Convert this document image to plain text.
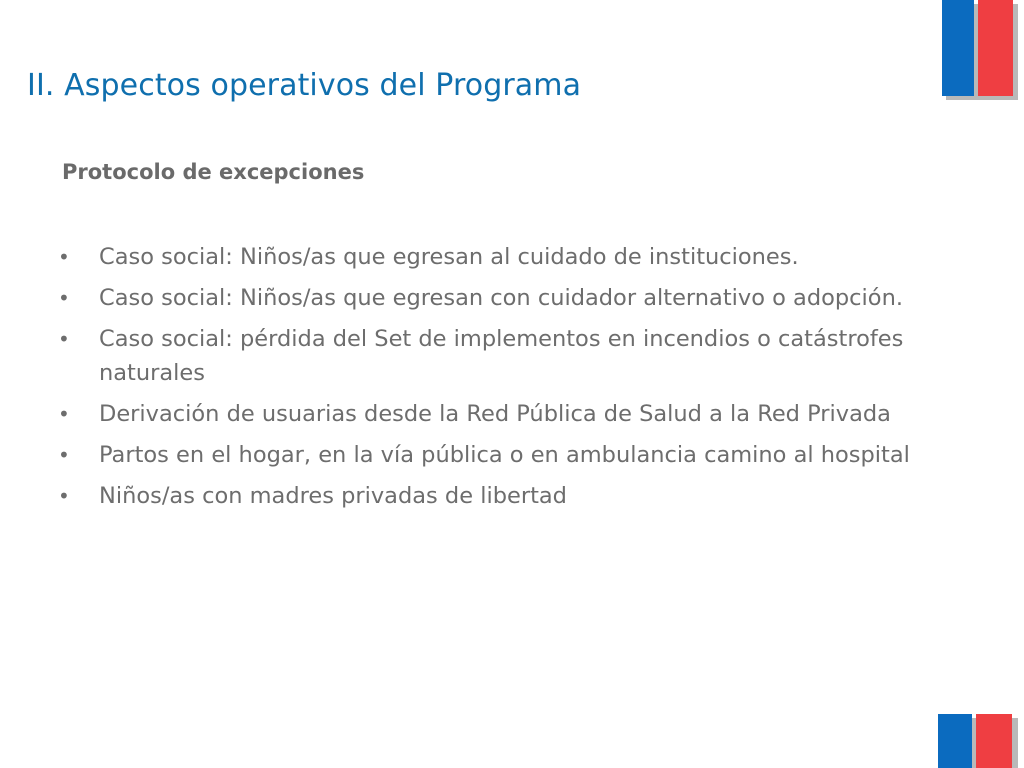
II. Aspectos operativos del Programa
Protocolo de excepciones
• Caso social: Niños/as que egresan al cuidado de instituciones.
• Caso social: Niños/as que egresan con cuidador alternativo o adopción.
• Caso social: pérdida del Set de implementos en incendios o catástrofes naturales
• Derivación de usuarias desde la Red Pública de Salud a la Red Privada
• Partos en el hogar, en la vía pública o en ambulancia camino al hospital
• Niños/as con madres privadas de libertad
